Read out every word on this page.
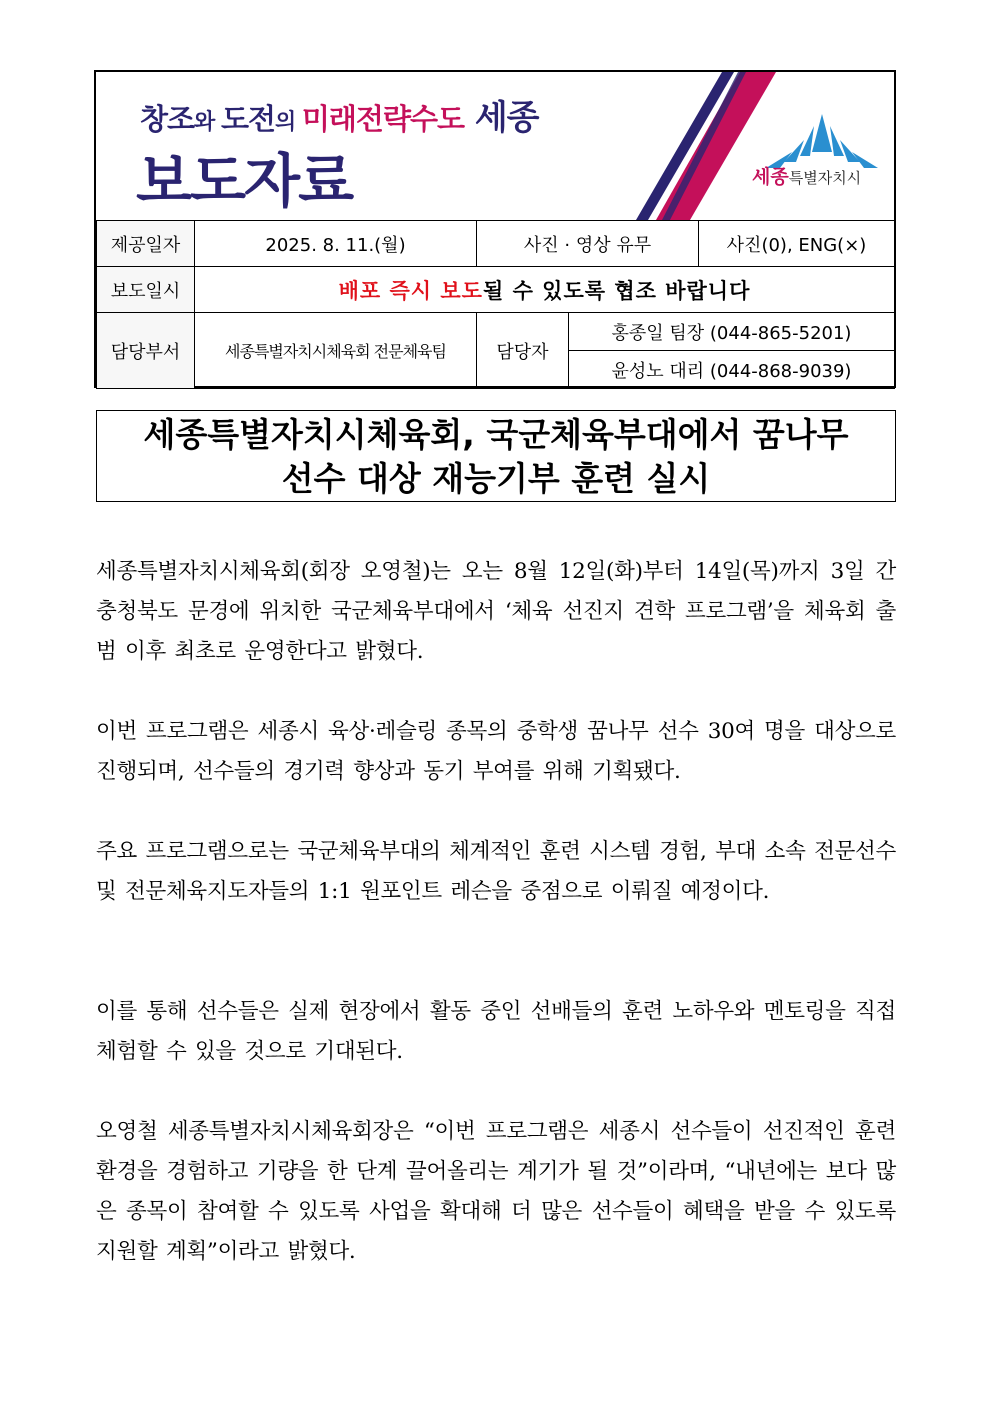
창조와 도전의 미래전략수도 세종
보도자료	세종특별자치시
제공일자	2025. 8. 11.(월)	사진 · 영상 유무		사진(0), ENG(×)
보도일시	배포 즉시 보도될 수 있도록 협조 바랍니다			
담당부서	세종특별자치시체육회 전문체육팀	담당자	홍종일 팀장 (044-865-5201)	
			윤성노 대리 (044-868-9039)	
세종특별자치시체육회, 국군체육부대에서 꿈나무
선수 대상 재능기부 훈련 실시

세종특별자치시체육회(회장 오영철)는 오는 8월 12일(화)부터 14일(목)까지 3일 간 충청북도 문경에 위치한 국군체육부대에서 ‘체육 선진지 견학 프로그램’을 체육회 출범 이후 최초로 운영한다고 밝혔다.

이번 프로그램은 세종시 육상·레슬링 종목의 중학생 꿈나무 선수 30여 명을 대상으로 진행되며, 선수들의 경기력 향상과 동기 부여를 위해 기획됐다.

주요 프로그램으로는 국군체육부대의 체계적인 훈련 시스템 경험, 부대 소속 전문선수 및 전문체육지도자들의 1:1 원포인트 레슨을 중점으로 이뤄질 예정이다.

이를 통해 선수들은 실제 현장에서 활동 중인 선배들의 훈련 노하우와 멘토링을 직접 체험할 수 있을 것으로 기대된다.

오영철 세종특별자치시체육회장은 “이번 프로그램은 세종시 선수들이 선진적인 훈련 환경을 경험하고 기량을 한 단계 끌어올리는 계기가 될 것”이라며, “내년에는 보다 많은 종목이 참여할 수 있도록 사업을 확대해 더 많은 선수들이 혜택을 받을 수 있도록 지원할 계획”이라고 밝혔다.
